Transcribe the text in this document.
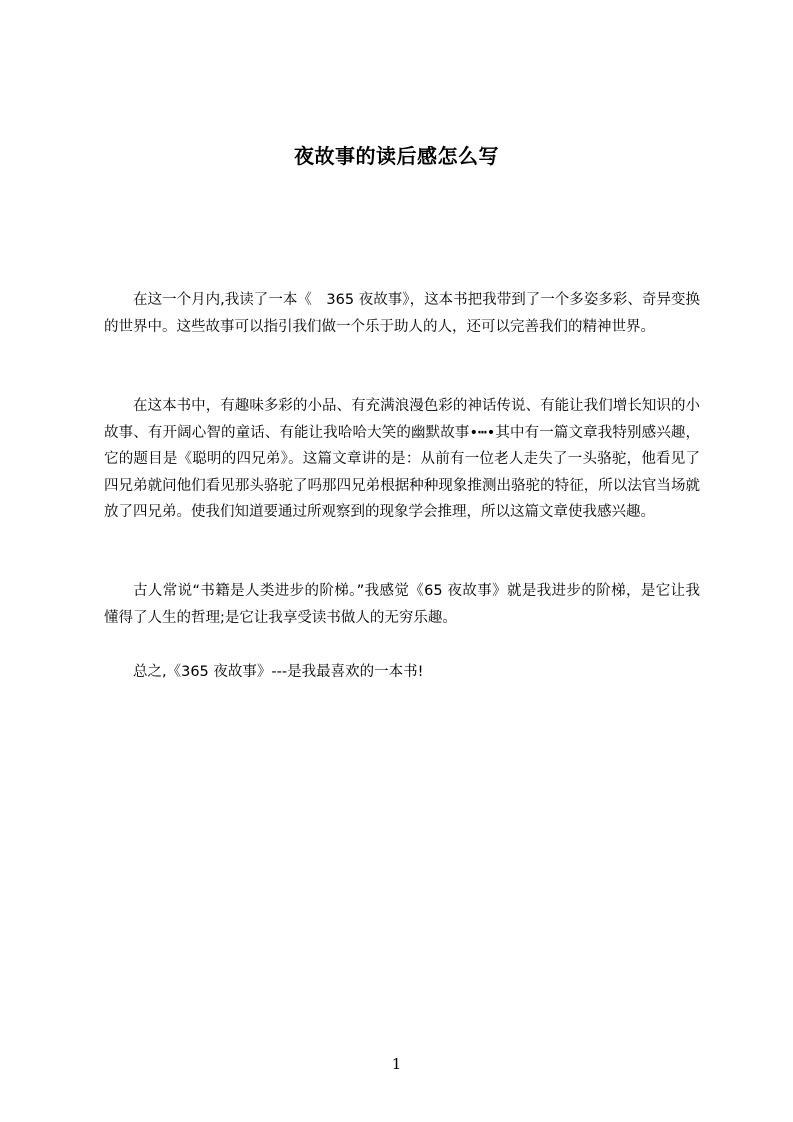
夜故事的读后感怎么写

在这一个月内,我读了一本《　365 夜故事》，这本书把我带到了一个多姿多彩、奇异变换的世界中。这些故事可以指引我们做一个乐于助人的人，还可以完善我们的精神世界。

在这本书中，有趣味多彩的小品、有充满浪漫色彩的神话传说、有能让我们增长知识的小故事、有开阔心智的童话、有能让我哈哈大笑的幽默故事•┅•其中有一篇文章我特别感兴趣，它的题目是《聪明的四兄弟》。这篇文章讲的是：从前有一位老人走失了一头骆驼，他看见了四兄弟就问他们看见那头骆驼了吗那四兄弟根据种种现象推测出骆驼的特征，所以法官当场就放了四兄弟。使我们知道要通过所观察到的现象学会推理，所以这篇文章使我感兴趣。

古人常说“书籍是人类进步的阶梯。”我感觉《65 夜故事》就是我进步的阶梯，是它让我懂得了人生的哲理;是它让我享受读书做人的无穷乐趣。

总之,《365 夜故事》---是我最喜欢的一本书!

1
